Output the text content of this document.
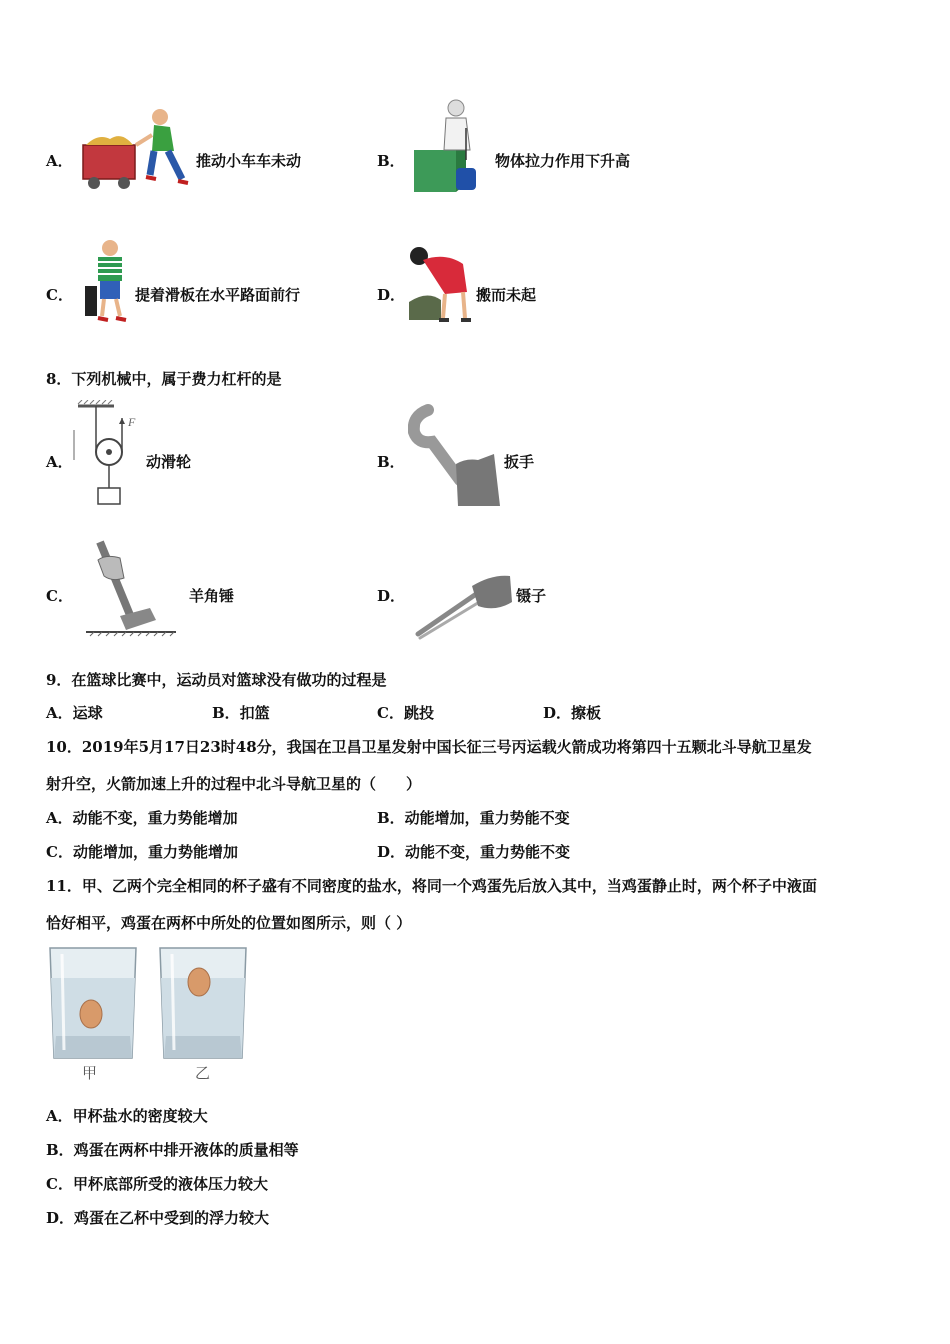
A．	推动小车车未动	B．	物体拉力作用下升高
C．	提着滑板在水平路面前行	D．	搬而未起
8．下列机械中，属于费力杠杆的是
A．
F
动滑轮	B．	扳手
C．	羊角锤	D．	镊子
9．在篮球比赛中，运动员对篮球没有做功的过程是
A．运球	B．扣篮	C．跳投	D．擦板
10．2019年5月17日23时48分，我国在卫昌卫星发射中国长征三号丙运载火箭成功将第四十五颗北斗导航卫星发
射升空，火箭加速上升的过程中北斗导航卫星的（　　）
A．动能不变，重力势能增加	B．动能增加，重力势能不变
C．动能增加，重力势能增加	D．动能不变，重力势能不变
11．甲、乙两个完全相同的杯子盛有不同密度的盐水，将同一个鸡蛋先后放入其中，当鸡蛋静止时，两个杯子中液面
恰好相平，鸡蛋在两杯中所处的位置如图所示，则（ ）
甲	乙
A．甲杯盐水的密度较大
B．鸡蛋在两杯中排开液体的质量相等
C．甲杯底部所受的液体压力较大
D．鸡蛋在乙杯中受到的浮力较大
